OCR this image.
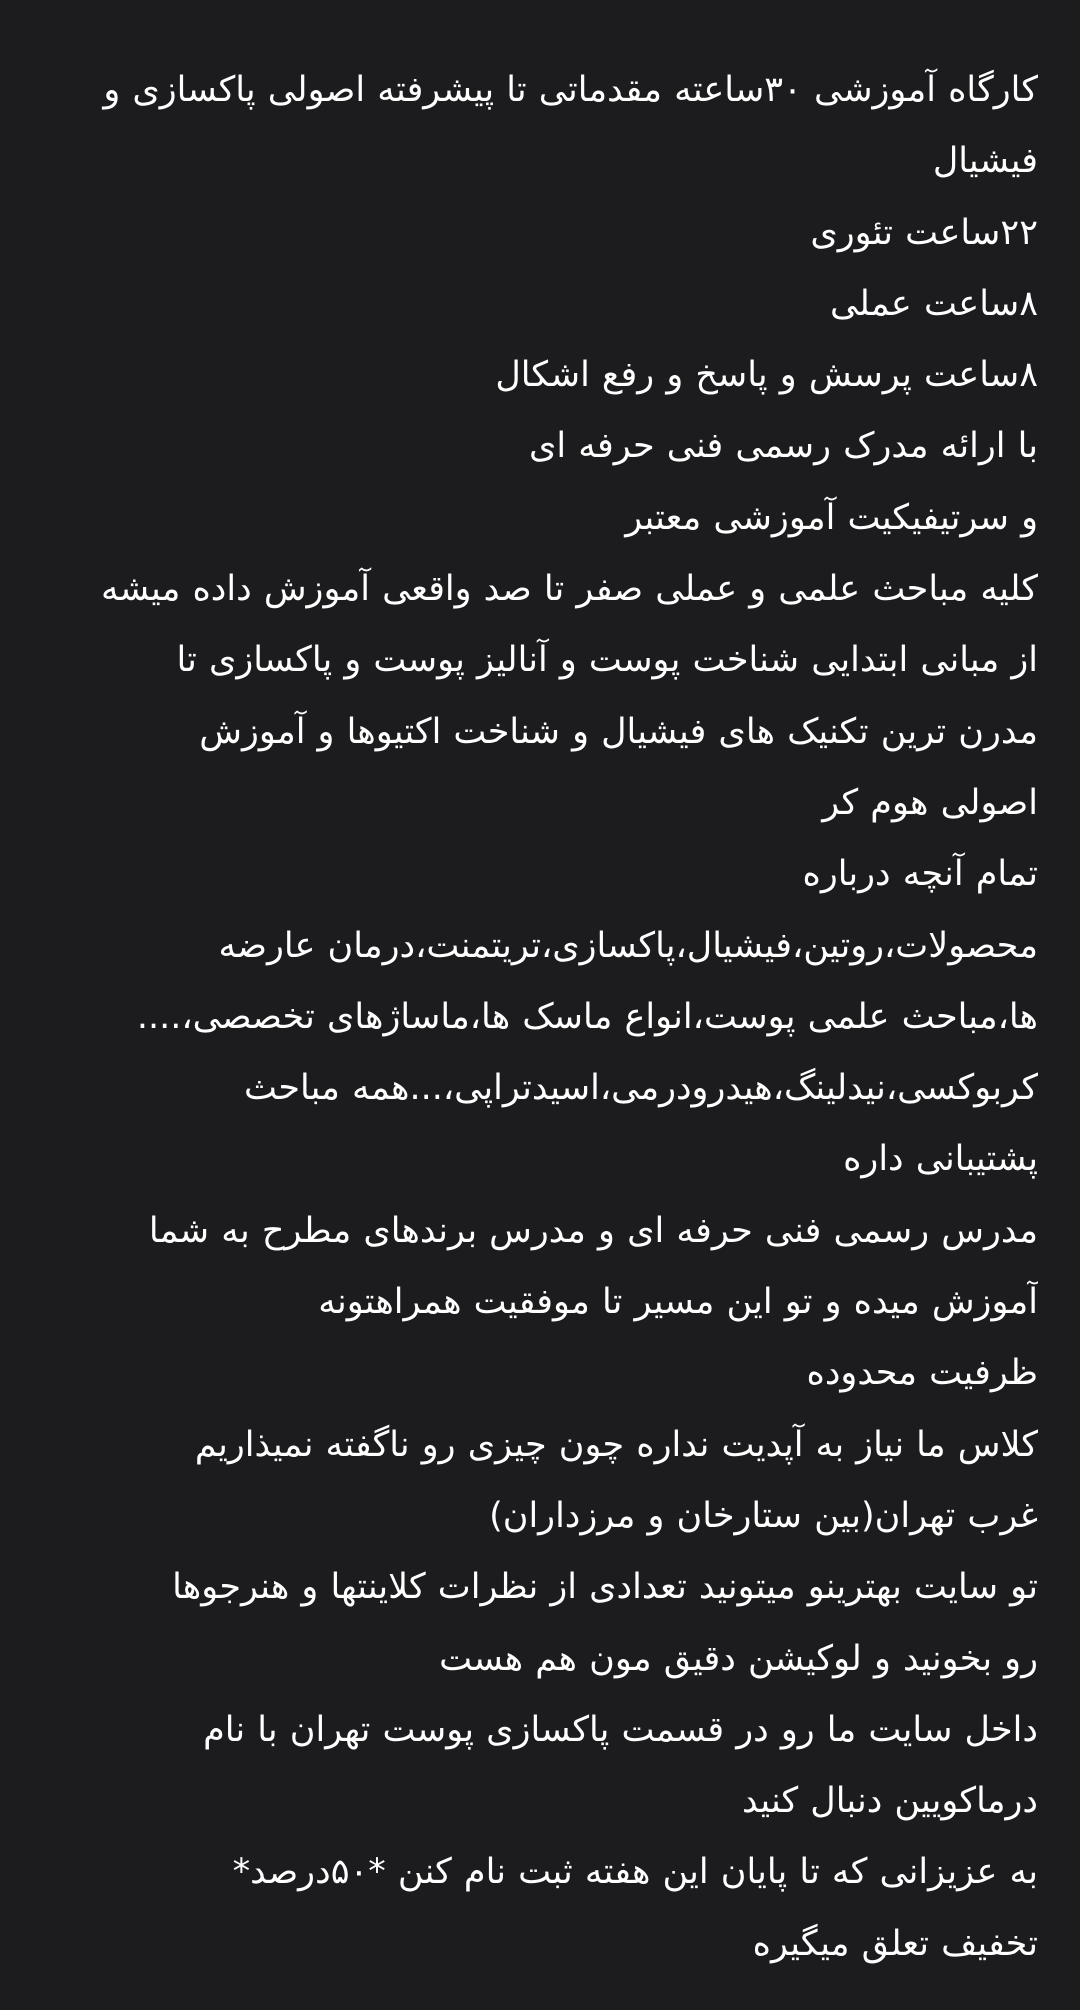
کارگاه آموزشی ۳۰ساعته مقدماتی تا پیشرفته اصولی پاکسازی و
فیشیال
۲۲ساعت تئوری
۸ساعت عملی
۸ساعت پرسش و پاسخ و رفع اشکال
با ارائه مدرک رسمی فنی حرفه ای
و سرتیفیکیت آموزشی معتبر
کلیه مباحث علمی و عملی صفر تا صد واقعی آموزش داده میشه
از مبانی ابتدایی شناخت پوست و آنالیز پوست و پاکسازی تا
مدرن ترین تکنیک های فیشیال و شناخت اکتیوها و آموزش
اصولی هوم کر
تمام آنچه درباره
محصولات،روتین،فیشیال،پاکسازی،تریتمنت،درمان عارضه
ها،مباحث علمی پوست،انواع ماسک ها،ماساژهای تخصصی،....
کربوکسی،نیدلینگ،هیدرودرمی،اسیدتراپی،...همه مباحث
پشتیبانی داره
مدرس رسمی فنی حرفه ای و مدرس برندهای مطرح به شما
آموزش میده و تو این مسیر تا موفقیت همراهتونه
ظرفیت محدوده
کلاس ما نیاز به آپدیت نداره چون چیزی رو ناگفته نمیذاریم
غرب تهران(بین ستارخان و مرزداران)
تو سایت بهترینو میتونید تعدادی از نظرات کلاینتها و هنرجوها
رو بخونید و لوکیشن دقیق مون هم هست
داخل سایت ما رو در قسمت پاکسازی پوست تهران با نام
درماکویین دنبال کنید
به عزیزانی که تا پایان این هفته ثبت نام کنن *۵۰درصد*
تخفیف تعلق میگیره
